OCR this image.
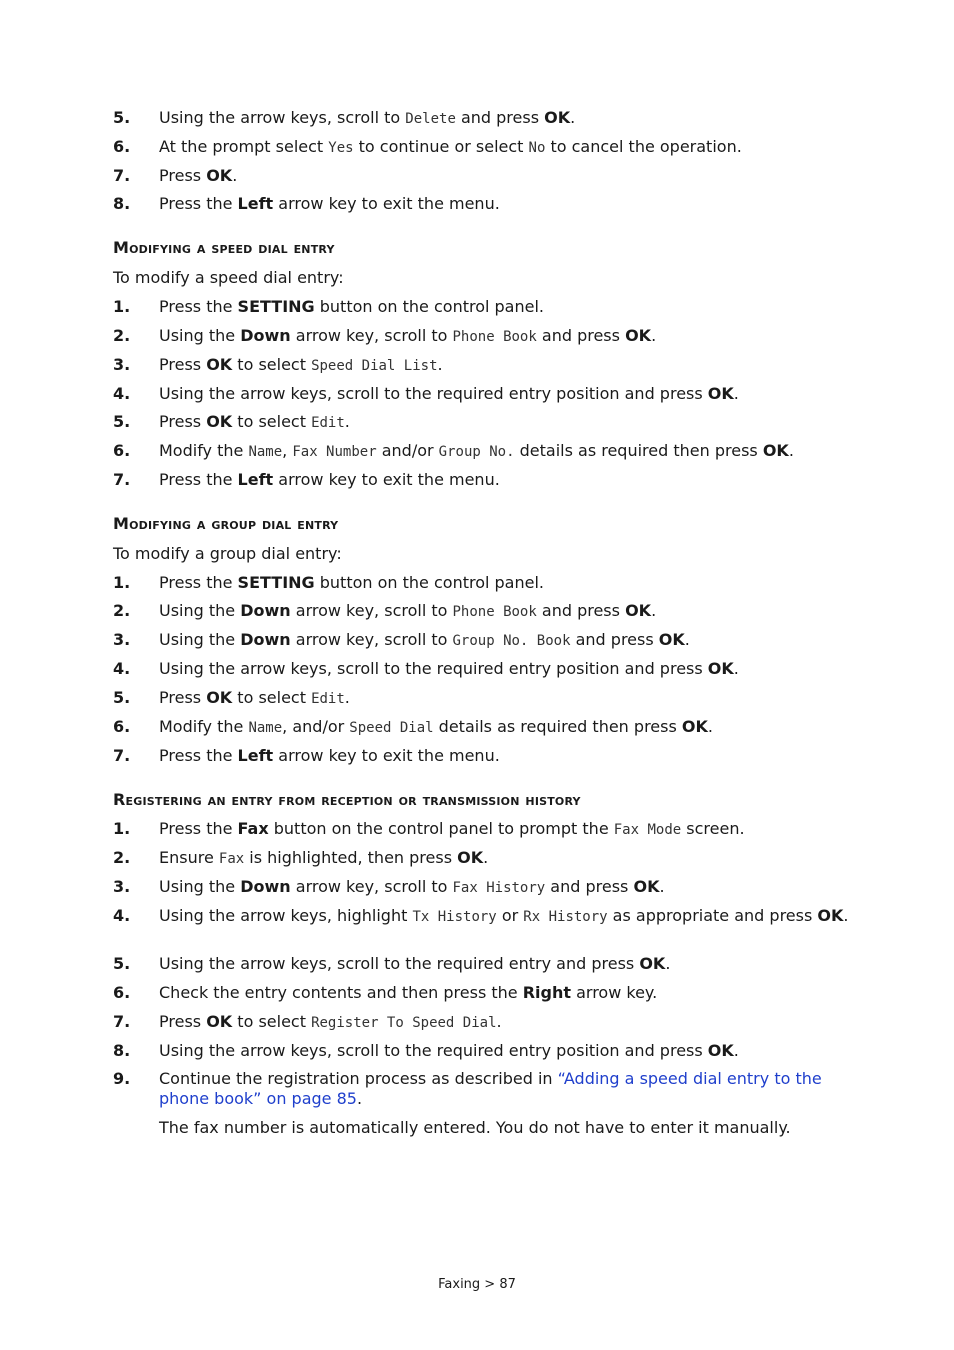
5. Using the arrow keys, scroll to Delete and press OK.
6. At the prompt select Yes to continue or select No to cancel the operation.
7. Press OK.
8. Press the Left arrow key to exit the menu.
Modifying a speed dial entry
To modify a speed dial entry:
1. Press the SETTING button on the control panel.
2. Using the Down arrow key, scroll to Phone Book and press OK.
3. Press OK to select Speed Dial List.
4. Using the arrow keys, scroll to the required entry position and press OK.
5. Press OK to select Edit.
6. Modify the Name, Fax Number and/or Group No. details as required then press OK.
7. Press the Left arrow key to exit the menu.
Modifying a group dial entry
To modify a group dial entry:
1. Press the SETTING button on the control panel.
2. Using the Down arrow key, scroll to Phone Book and press OK.
3. Using the Down arrow key, scroll to Group No. Book and press OK.
4. Using the arrow keys, scroll to the required entry position and press OK.
5. Press OK to select Edit.
6. Modify the Name, and/or Speed Dial details as required then press OK.
7. Press the Left arrow key to exit the menu.
Registering an entry from reception or transmission history
1. Press the Fax button on the control panel to prompt the Fax Mode screen.
2. Ensure Fax is highlighted, then press OK.
3. Using the Down arrow key, scroll to Fax History and press OK.
4. Using the arrow keys, highlight Tx History or Rx History as appropriate and press OK.
5. Using the arrow keys, scroll to the required entry and press OK.
6. Check the entry contents and then press the Right arrow key.
7. Press OK to select Register To Speed Dial.
8. Using the arrow keys, scroll to the required entry position and press OK.
9. Continue the registration process as described in “Adding a speed dial entry to the phone book” on page 85.
The fax number is automatically entered. You do not have to enter it manually.
Faxing > 87
